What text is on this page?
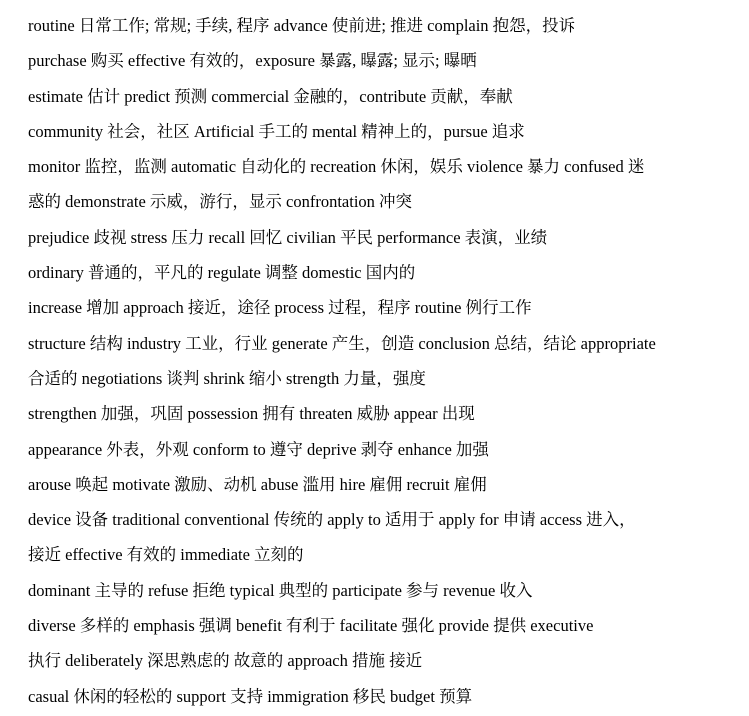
routine 日常工作; 常规; 手续, 程序 advance 使前进; 推进 complain 抱怨，投诉
purchase 购买 effective 有效的，exposure 暴露, 曝露; 显示; 曝晒
estimate 估计 predict 预测 commercial 金融的，contribute 贡献，奉献
community 社会，社区 Artificial 手工的 mental 精神上的，pursue 追求
monitor 监控，监测 automatic 自动化的 recreation 休闲，娱乐 violence 暴力 confused 迷
惑的 demonstrate 示威，游行，显示 confrontation 冲突
prejudice 歧视 stress 压力 recall 回忆 civilian 平民 performance 表演，业绩
ordinary 普通的，平凡的 regulate 调整 domestic 国内的
increase 增加 approach 接近，途径 process 过程，程序 routine 例行工作
structure 结构 industry 工业，行业 generate 产生，创造 conclusion 总结，结论 appropriate
合适的 negotiations 谈判 shrink 缩小 strength 力量，强度
strengthen 加强，巩固 possession 拥有 threaten 威胁 appear 出现
appearance 外表，外观 conform to 遵守 deprive 剥夺 enhance 加强
arouse 唤起 motivate 激励、动机 abuse 滥用 hire 雇佣 recruit 雇佣
device 设备 traditional conventional 传统的 apply to 适用于 apply for 申请 access 进入，
接近 effective 有效的 immediate 立刻的
dominant 主导的 refuse 拒绝 typical 典型的 participate 参与 revenue 收入
diverse 多样的 emphasis 强调 benefit 有利于 facilitate 强化 provide 提供 executive
执行 deliberately 深思熟虑的 故意的 approach 措施 接近
casual 休闲的轻松的 support 支持 immigration 移民 budget 预算
